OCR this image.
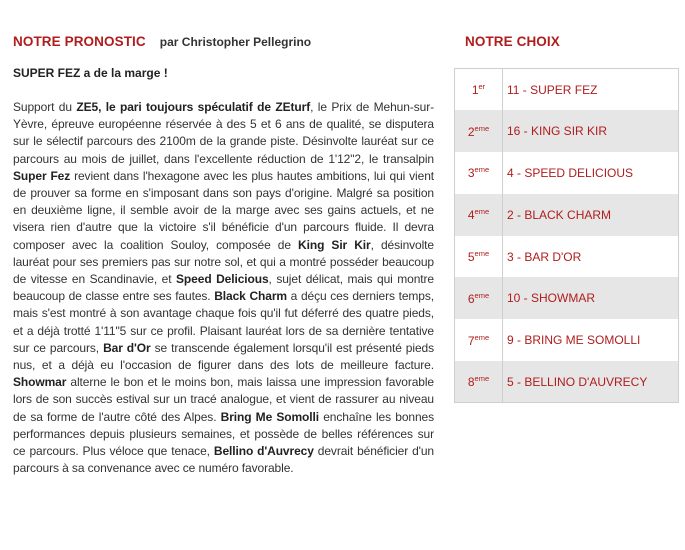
NOTRE PRONOSTIC par Christopher Pellegrino
SUPER FEZ a de la marge !
Support du ZE5, le pari toujours spéculatif de ZEturf, le Prix de Mehun-sur-Yèvre, épreuve européenne réservée à des 5 et 6 ans de qualité, se disputera sur le sélectif parcours des 2100m de la grande piste. Désinvolte lauréat sur ce parcours au mois de juillet, dans l'excellente réduction de 1'12"2, le transalpin Super Fez revient dans l'hexagone avec les plus hautes ambitions, lui qui vient de prouver sa forme en s'imposant dans son pays d'origine. Malgré sa position en deuxième ligne, il semble avoir de la marge avec ses gains actuels, et ne visera rien d'autre que la victoire s'il bénéficie d'un parcours fluide. Il devra composer avec la coalition Souloy, composée de King Sir Kir, désinvolte lauréat pour ses premiers pas sur notre sol, et qui a montré posséder beaucoup de vitesse en Scandinavie, et Speed Delicious, sujet délicat, mais qui montre beaucoup de classe entre ses fautes. Black Charm a déçu ces derniers temps, mais s'est montré à son avantage chaque fois qu'il fut déferré des quatre pieds, et a déjà trotté 1'11"5 sur ce profil. Plaisant lauréat lors de sa dernière tentative sur ce parcours, Bar d'Or se transcende également lorsqu'il est présenté pieds nus, et a déjà eu l'occasion de figurer dans des lots de meilleure facture. Showmar alterne le bon et le moins bon, mais laissa une impression favorable lors de son succès estival sur un tracé analogue, et vient de rassurer au niveau de sa forme de l'autre côté des Alpes. Bring Me Somolli enchaîne les bonnes performances depuis plusieurs semaines, et possède de belles références sur ce parcours. Plus véloce que tenace, Bellino d'Auvrecy devrait bénéficier d'un parcours à sa convenance avec ce numéro favorable.
NOTRE CHOIX
1er	11 - SUPER FEZ
2eme	16 - KING SIR KIR
3eme	4 - SPEED DELICIOUS
4eme	2 - BLACK CHARM
5eme	3 - BAR D'OR
6eme	10 - SHOWMAR
7eme	9 - BRING ME SOMOLLI
8eme	5 - BELLINO D'AUVRECY
